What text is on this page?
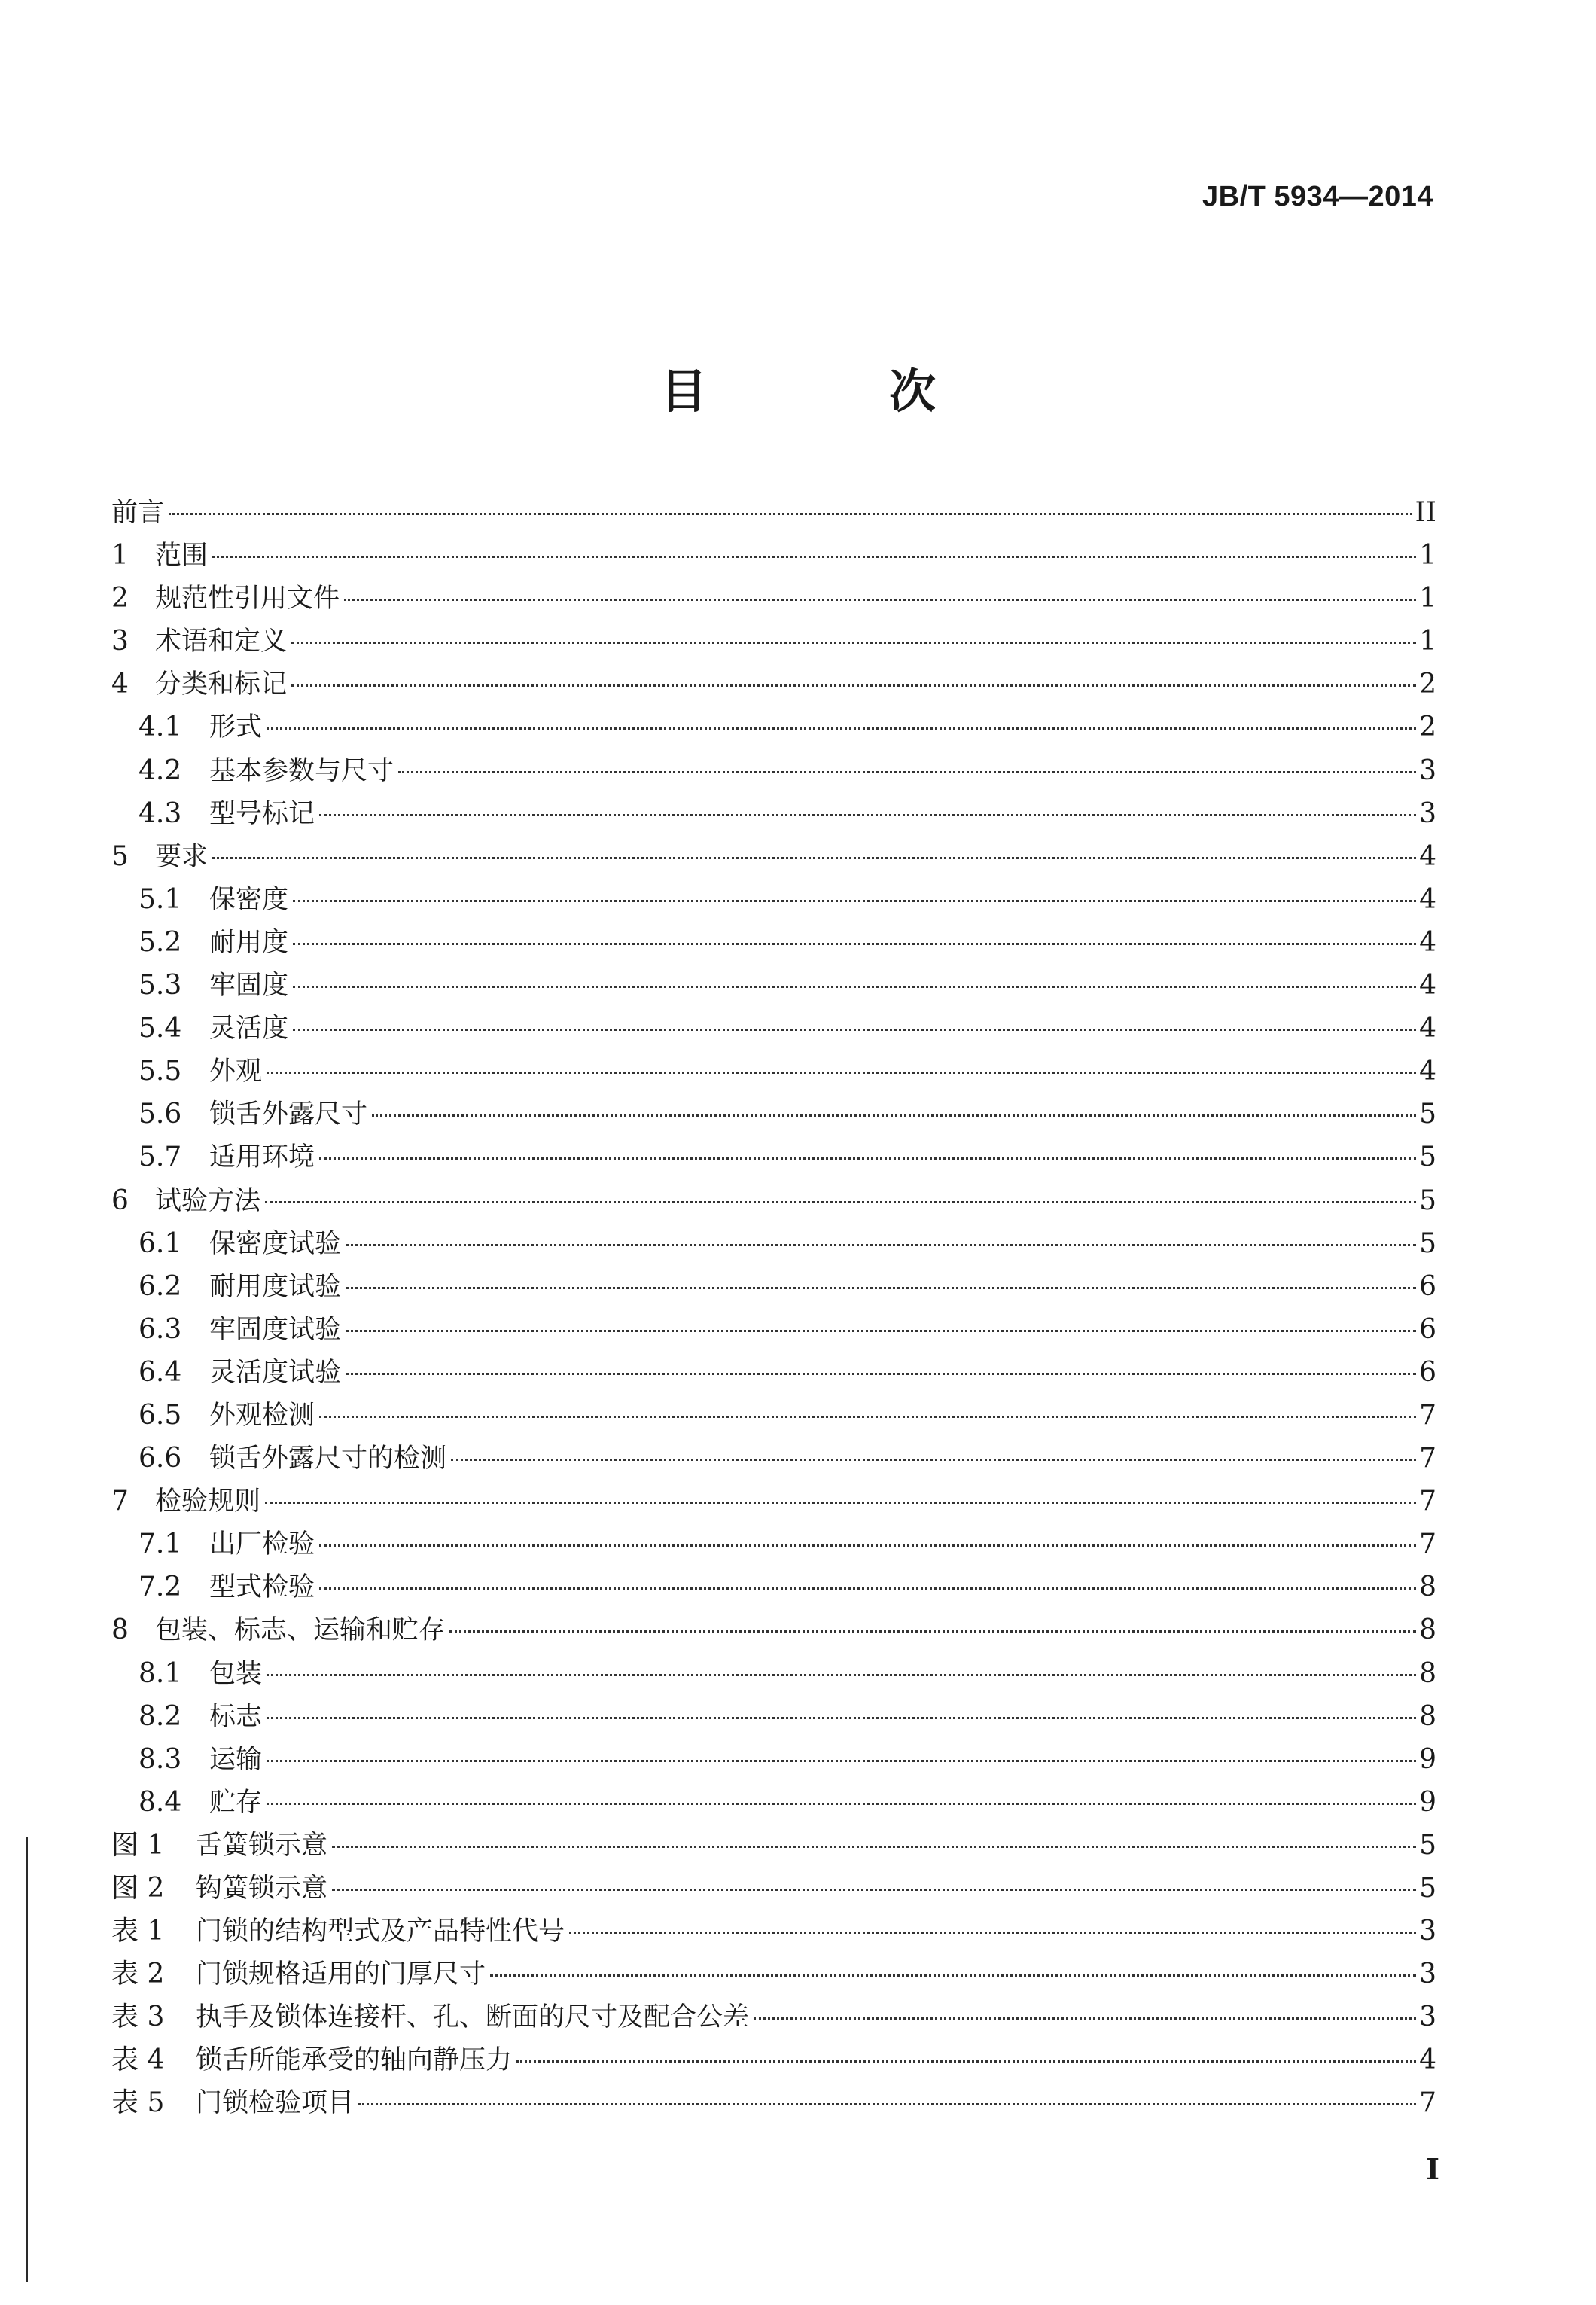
JB/T 5934—2014
目　次
前言	II
1 范围	1
2 规范性引用文件	1
3 术语和定义	1
4 分类和标记	2
4.1 形式	2
4.2 基本参数与尺寸	3
4.3 型号标记	3
5 要求	4
5.1 保密度	4
5.2 耐用度	4
5.3 牢固度	4
5.4 灵活度	4
5.5 外观	4
5.6 锁舌外露尺寸	5
5.7 适用环境	5
6 试验方法	5
6.1 保密度试验	5
6.2 耐用度试验	6
6.3 牢固度试验	6
6.4 灵活度试验	6
6.5 外观检测	7
6.6 锁舌外露尺寸的检测	7
7 检验规则	7
7.1 出厂检验	7
7.2 型式检验	8
8 包装、标志、运输和贮存	8
8.1 包装	8
8.2 标志	8
8.3 运输	9
8.4 贮存	9
图 1 舌簧锁示意	5
图 2 钩簧锁示意	5
表 1 门锁的结构型式及产品特性代号	3
表 2 门锁规格适用的门厚尺寸	3
表 3 执手及锁体连接杆、孔、断面的尺寸及配合公差	3
表 4 锁舌所能承受的轴向静压力	4
表 5 门锁检验项目	7
I
